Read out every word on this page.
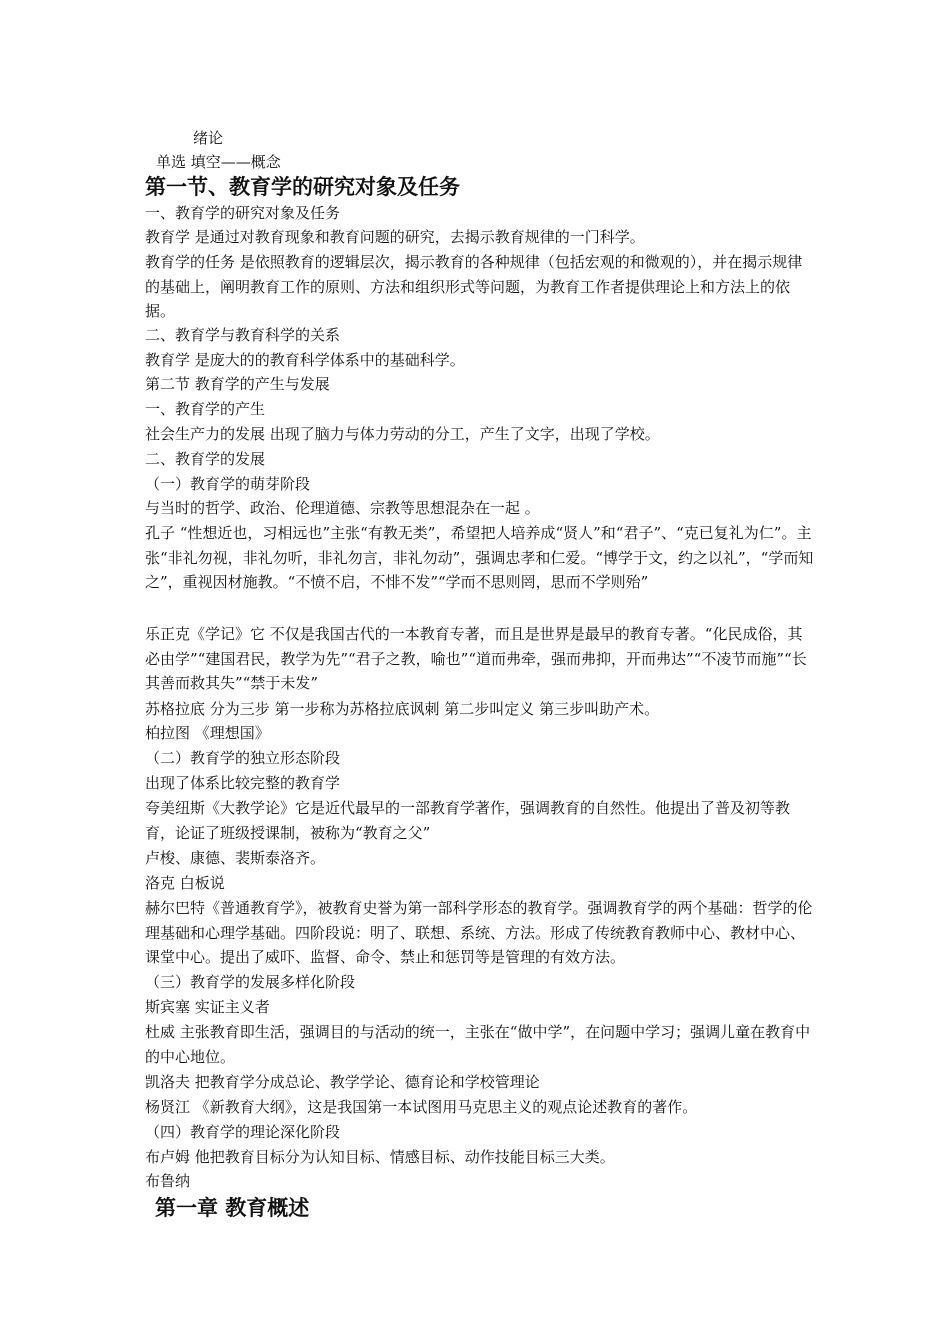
绪论
单选 填空——概念
第一节、教育学的研究对象及任务
一、教育学的研究对象及任务
教育学 是通过对教育现象和教育问题的研究，去揭示教育规律的一门科学。
教育学的任务 是依照教育的逻辑层次，揭示教育的各种规律（包括宏观的和微观的），并在揭示规律的基础上，阐明教育工作的原则、方法和组织形式等问题，为教育工作者提供理论上和方法上的依据。
二、教育学与教育科学的关系
教育学 是庞大的的教育科学体系中的基础科学。
第二节 教育学的产生与发展
一、教育学的产生
社会生产力的发展 出现了脑力与体力劳动的分工，产生了文字，出现了学校。
二、教育学的发展
（一）教育学的萌芽阶段
与当时的哲学、政治、伦理道德、宗教等思想混杂在一起 。
孔子 “性想近也，习相远也”主张“有教无类”，希望把人培养成“贤人”和“君子”、“克已复礼为仁”。主张“非礼勿视，非礼勿听，非礼勿言，非礼勿动”，强调忠孝和仁爱。“博学于文，约之以礼”，“学而知之”，重视因材施教。“不愤不启，不悱不发”“学而不思则罔，思而不学则殆”
乐正克《学记》它 不仅是我国古代的一本教育专著，而且是世界是最早的教育专著。“化民成俗，其必由学”“建国君民，教学为先”“君子之教，喻也”“道而弗牵，强而弗抑，开而弗达”“不凌节而施”“长其善而救其失”“禁于未发”
苏格拉底 分为三步 第一步称为苏格拉底讽刺 第二步叫定义 第三步叫助产术。
柏拉图 《理想国》
（二）教育学的独立形态阶段
出现了体系比较完整的教育学
夸美纽斯《大教学论》它是近代最早的一部教育学著作，强调教育的自然性。他提出了普及初等教育，论证了班级授课制，被称为“教育之父”
卢梭、康德、裴斯泰洛齐。
洛克 白板说
赫尔巴特《普通教育学》，被教育史誉为第一部科学形态的教育学。强调教育学的两个基础：哲学的伦理基础和心理学基础。四阶段说：明了、联想、系统、方法。形成了传统教育教师中心、教材中心、课堂中心。提出了威吓、监督、命令、禁止和惩罚等是管理的有效方法。
（三）教育学的发展多样化阶段
斯宾塞 实证主义者
杜威 主张教育即生活，强调目的与活动的统一，主张在“做中学”，在问题中学习；强调儿童在教育中的中心地位。
凯洛夫 把教育学分成总论、教学学论、德育论和学校管理论
杨贤江 《新教育大纲》，这是我国第一本试图用马克思主义的观点论述教育的著作。
（四）教育学的理论深化阶段
布卢姆 他把教育目标分为认知目标、情感目标、动作技能目标三大类。
布鲁纳
第一章 教育概述
